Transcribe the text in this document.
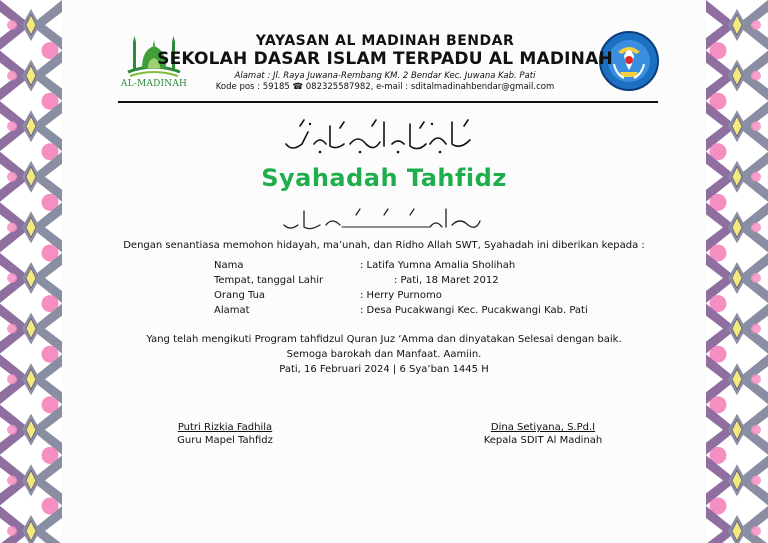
AL-MADINAH
YAYASAN AL MADINAH BENDAR
SEKOLAH DASAR ISLAM TERPADU AL MADINAH
Alamat : Jl. Raya Juwana-Rembang KM. 2 Bendar Kec. Juwana Kab. Pati
Kode pos : 59185 ☎ 082325587982, e-mail : sditalmadinahbendar@gmail.com
Syahadah Tahfidz
Dengan senantiasa memohon hidayah, ma’unah, dan Ridho Allah SWT, Syahadah ini diberikan kepada :
Nama	: Latifa Yumna Amalia Sholihah
Tempat, tanggal Lahir	: Pati, 18 Maret 2012
Orang Tua	: Herry Purnomo
Alamat	: Desa Pucakwangi Kec. Pucakwangi Kab. Pati
Yang telah mengikuti Program tahfidzul Quran Juz ‘Amma dan dinyatakan Selesai dengan baik.
Semoga barokah dan Manfaat. Aamiin.
Pati, 16 Februari 2024 | 6 Sya’ban 1445 H
Putri Rizkia Fadhila
Guru Mapel Tahfidz
Dina Setiyana, S.Pd.I
Kepala SDIT Al Madinah
